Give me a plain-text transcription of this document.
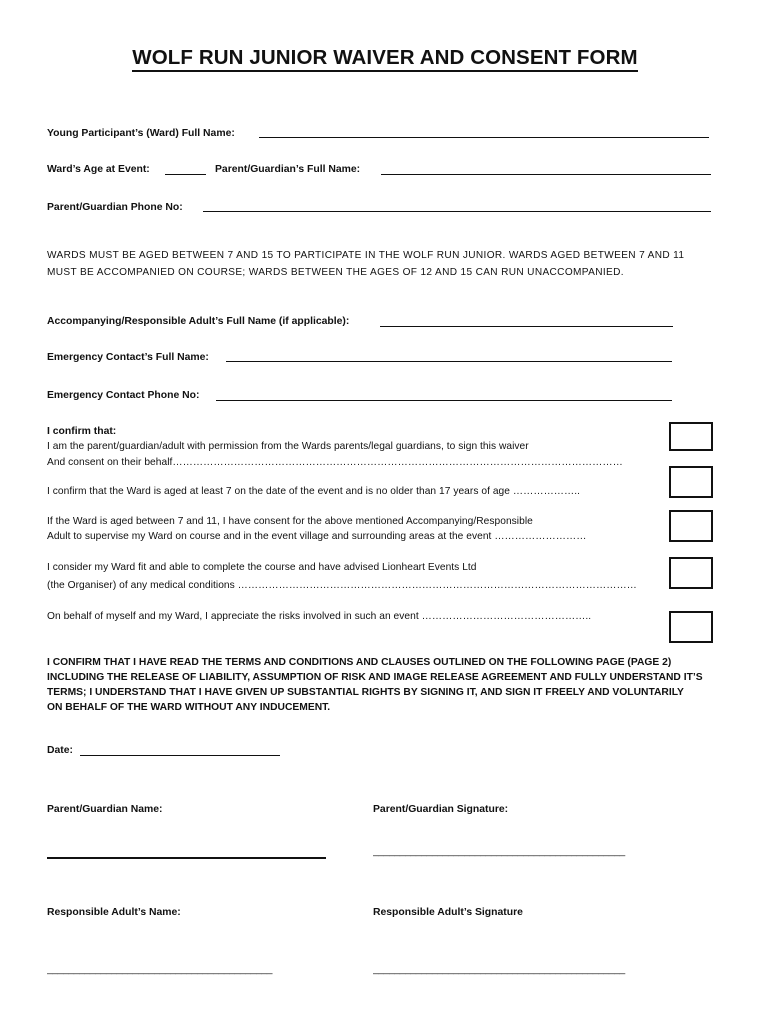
WOLF RUN JUNIOR WAIVER AND CONSENT FORM
Young Participant’s (Ward) Full Name:
Ward’s Age at Event:	Parent/Guardian’s Full Name:
Parent/Guardian Phone No:
WARDS MUST BE AGED BETWEEN 7 AND 15 TO PARTICIPATE IN THE WOLF RUN JUNIOR. WARDS AGED BETWEEN 7 AND 11
MUST BE ACCOMPANIED ON COURSE; WARDS BETWEEN THE AGES OF 12 AND 15 CAN RUN UNACCOMPANIED.
Accompanying/Responsible Adult’s Full Name (if applicable):
Emergency Contact’s Full Name:
Emergency Contact Phone No:
I confirm that:
I am the parent/guardian/adult with permission from the Wards parents/legal guardians, to sign this waiver
And consent on their behalf……………………………………………………………………………………………………………………
I confirm that the Ward is aged at least 7 on the date of the event and is no older than 17 years of age ………………..
If the Ward is aged between 7 and 11, I have consent for the above mentioned Accompanying/Responsible
Adult to supervise my Ward on course and in the event village and surrounding areas at the event ………………………
I consider my Ward fit and able to complete the course and have advised Lionheart Events Ltd
(the Organiser) of any medical conditions ………………………………………………………………………………………………………
On behalf of myself and my Ward, I appreciate the risks involved in such an event …………………………………………..
I CONFIRM THAT I HAVE READ THE TERMS AND CONDITIONS AND CLAUSES OUTLINED ON THE FOLLOWING PAGE (PAGE 2)
INCLUDING THE RELEASE OF LIABILITY, ASSUMPTION OF RISK AND IMAGE RELEASE AGREEMENT AND FULLY UNDERSTAND IT’S
TERMS; I UNDERSTAND THAT I HAVE GIVEN UP SUBSTANTIAL RIGHTS BY SIGNING IT, AND SIGN IT FREELY AND VOLUNTARILY
ON BEHALF OF THE WARD WITHOUT ANY INDUCEMENT.
Date:
Parent/Guardian Name:	Parent/Guardian Signature:
_______________________________________________
Responsible Adult’s Name:	Responsible Adult’s Signature
__________________________________________	_______________________________________________
